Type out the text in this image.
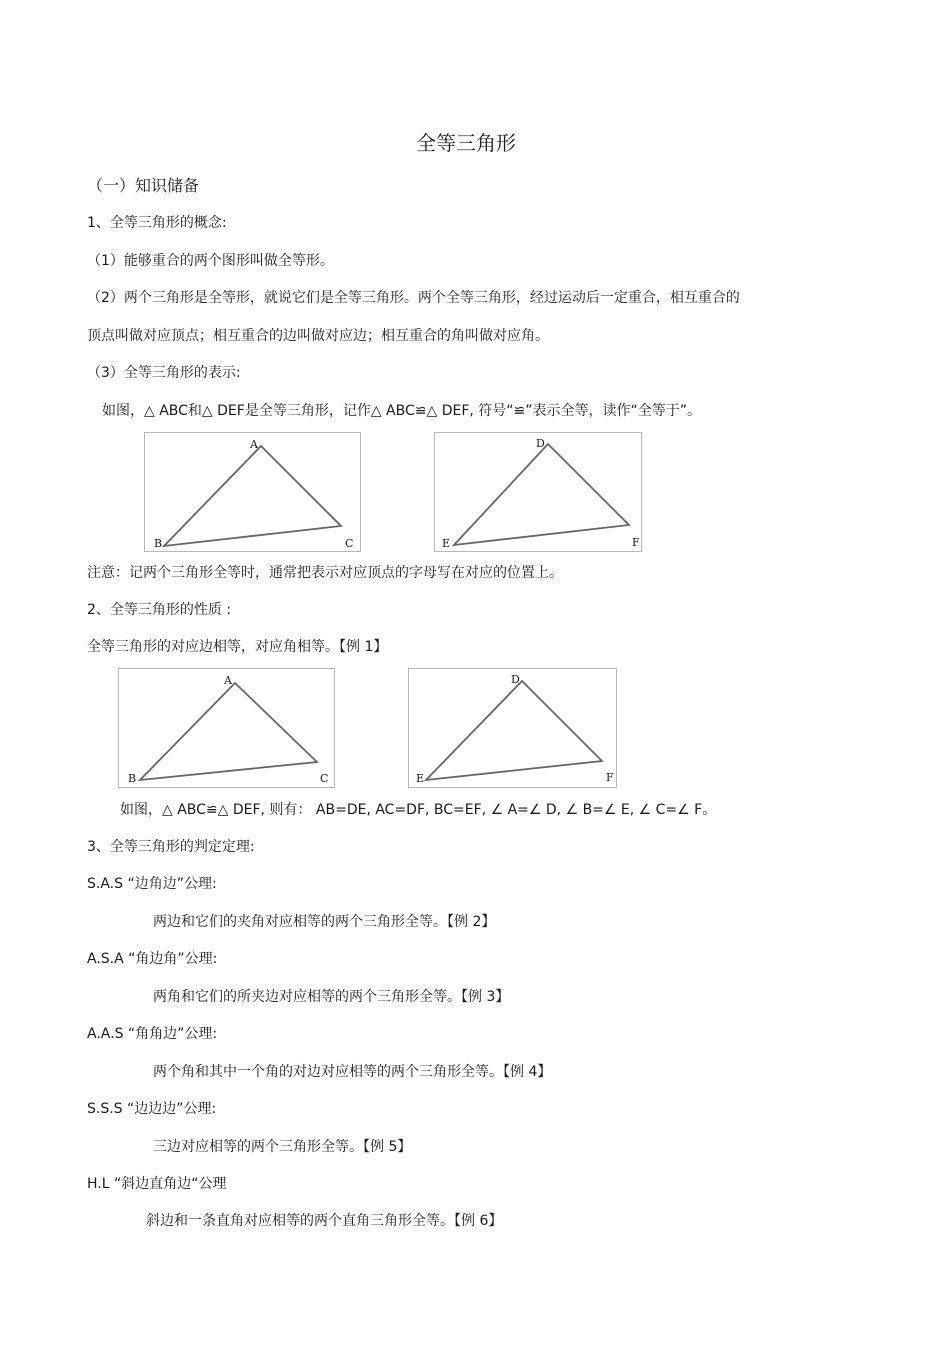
全等三角形
（一）知识储备
1、全等三角形的概念:
（1）能够重合的两个图形叫做全等形。
（2）两个三角形是全等形，就说它们是全等三角形。两个全等三角形，经过运动后一定重合，相互重合的
顶点叫做对应顶点；相互重合的边叫做对应边；相互重合的角叫做对应角。
（3）全等三角形的表示:
如图，△ ABC和△ DEF是全等三角形，记作△ ABC≌△ DEF, 符号“≌”表示全等，读作“全等于”。
A
B	C
D
E	F
注意：记两个三角形全等时，通常把表示对应顶点的字母写在对应的位置上。
2、全等三角形的性质 :
全等三角形的对应边相等，对应角相等。【例 1】
A
B	C
D
E	F
如图，△ ABC≌△ DEF, 则有： AB=DE, AC=DF, BC=EF, ∠ A=∠ D, ∠ B=∠ E, ∠ C=∠ F。
3、全等三角形的判定定理:
S.A.S “边角边”公理:
两边和它们的夹角对应相等的两个三角形全等。【例 2】
A.S.A “角边角”公理:
两角和它们的所夹边对应相等的两个三角形全等。【例 3】
A.A.S “角角边”公理:
两个角和其中一个角的对边对应相等的两个三角形全等。【例 4】
S.S.S “边边边”公理:
三边对应相等的两个三角形全等。【例 5】
H.L “斜边直角边“公理
斜边和一条直角对应相等的两个直角三角形全等。【例 6】
